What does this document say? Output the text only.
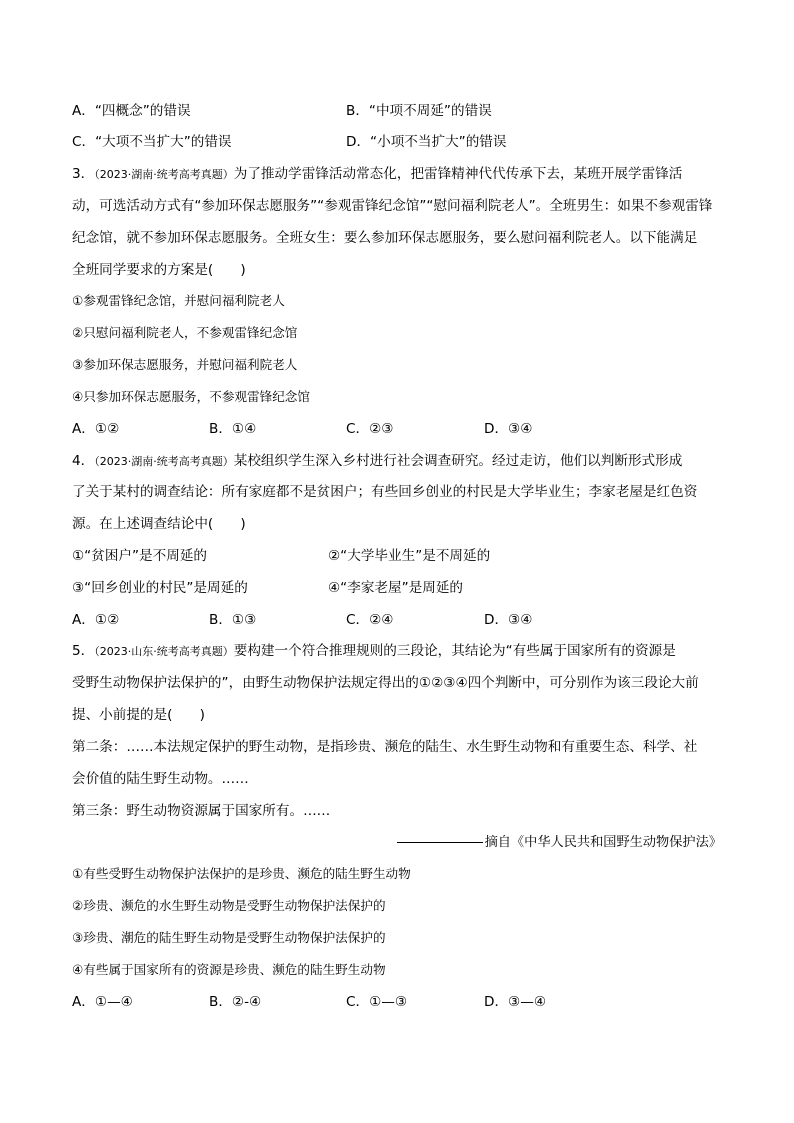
A．“四概念”的错误	B．“中项不周延”的错误
C．“大项不当扩大”的错误	D．“小项不当扩大”的错误
3．（2023·湖南·统考高考真题）为了推动学雷锋活动常态化，把雷锋精神代代传承下去，某班开展学雷锋活
动，可选活动方式有“参加环保志愿服务”“参观雷锋纪念馆”“慰问福利院老人”。全班男生：如果不参观雷锋
纪念馆，就不参加环保志愿服务。全班女生：要么参加环保志愿服务，要么慰问福利院老人。以下能满足
全班同学要求的方案是(　　)
①参观雷锋纪念馆，并慰问福利院老人
②只慰问福利院老人，不参观雷锋纪念馆
③参加环保志愿服务，并慰问福利院老人
④只参加环保志愿服务，不参观雷锋纪念馆
A．①②	B．①④	C．②③	D．③④
4．（2023·湖南·统考高考真题）某校组织学生深入乡村进行社会调查研究。经过走访，他们以判断形式形成
了关于某村的调查结论：所有家庭都不是贫困户；有些回乡创业的村民是大学毕业生；李家老屋是红色资
源。在上述调查结论中(　　)
①“贫困户”是不周延的	②“大学毕业生”是不周延的
③“回乡创业的村民”是周延的	④“李家老屋”是周延的
A．①②	B．①③	C．②④	D．③④
5．（2023·山东·统考高考真题）要构建一个符合推理规则的三段论，其结论为“有些属于国家所有的资源是
受野生动物保护法保护的”，由野生动物保护法规定得出的①②③④四个判断中，可分别作为该三段论大前
提、小前提的是(　　)
第二条：……本法规定保护的野生动物，是指珍贵、濒危的陆生、水生野生动物和有重要生态、科学、社
会价值的陆生野生动物。……
第三条：野生动物资源属于国家所有。……
摘自《中华人民共和国野生动物保护法》
①有些受野生动物保护法保护的是珍贵、濒危的陆生野生动物
②珍贵、濒危的水生野生动物是受野生动物保护法保护的
③珍贵、潮危的陆生野生动物是受野生动物保护法保护的
④有些属于国家所有的资源是珍贵、濒危的陆生野生动物
A．①—④	B．②-④	C．①—③	D．③—④
